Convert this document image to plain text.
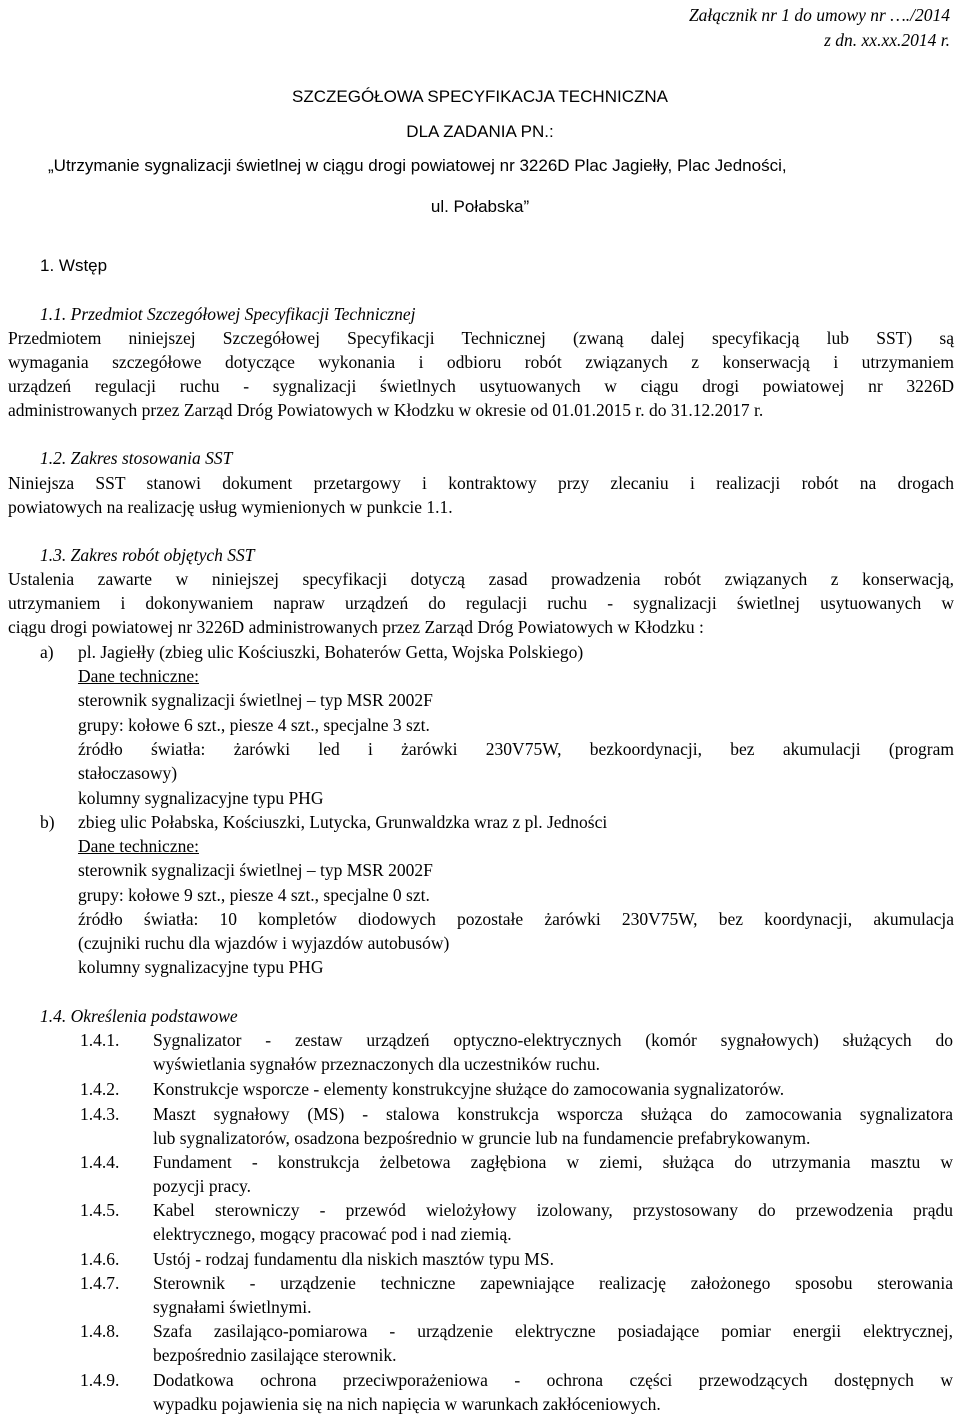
Załącznik nr 1 do umowy nr …./2014
z dn. xx.xx.2014 r.
SZCZEGÓŁOWA SPECYFIKACJA TECHNICZNA
DLA ZADANIA PN.:
„Utrzymanie sygnalizacji świetlnej w ciągu drogi powiatowej nr 3226D Plac Jagiełły, Plac Jedności,
ul. Połabska”
1. Wstęp
1.1. Przedmiot Szczegółowej Specyfikacji Technicznej
Przedmiotem niniejszej Szczegółowej Specyfikacji Technicznej (zwaną dalej specyfikacją lub SST) są
wymagania szczegółowe dotyczące wykonania i odbioru robót związanych z konserwacją i utrzymaniem
urządzeń regulacji ruchu - sygnalizacji świetlnych usytuowanych w ciągu drogi powiatowej nr 3226D
administrowanych przez Zarząd Dróg Powiatowych w Kłodzku w okresie od 01.01.2015 r. do 31.12.2017 r.
1.2. Zakres stosowania SST
Niniejsza SST stanowi dokument przetargowy i kontraktowy przy zlecaniu i realizacji robót na drogach
powiatowych na realizację usług wymienionych w punkcie 1.1.
1.3. Zakres robót objętych SST
Ustalenia zawarte w niniejszej specyfikacji dotyczą zasad prowadzenia robót związanych z konserwacją,
utrzymaniem i dokonywaniem napraw urządzeń do regulacji ruchu - sygnalizacji świetlnej usytuowanych w
ciągu drogi powiatowej nr 3226D administrowanych przez Zarząd Dróg Powiatowych w Kłodzku :
a) pl. Jagiełły (zbieg ulic Kościuszki, Bohaterów Getta, Wojska Polskiego)
Dane techniczne:
sterownik sygnalizacji świetlnej – typ MSR 2002F
grupy: kołowe 6 szt., piesze 4 szt., specjalne 3 szt.
źródło światła: żarówki led i żarówki 230V75W, bezkoordynacji, bez akumulacji (program
stałoczasowy)
kolumny sygnalizacyjne typu PHG
b) zbieg ulic Połabska, Kościuszki, Lutycka, Grunwaldzka wraz z pl. Jedności
Dane techniczne:
sterownik sygnalizacji świetlnej – typ MSR 2002F
grupy: kołowe 9 szt., piesze 4 szt., specjalne 0 szt.
źródło światła: 10 kompletów diodowych pozostałe żarówki 230V75W, bez koordynacji, akumulacja
(czujniki ruchu dla wjazdów i wyjazdów autobusów)
kolumny sygnalizacyjne typu PHG
1.4. Określenia podstawowe
1.4.1. Sygnalizator - zestaw urządzeń optyczno-elektrycznych (komór sygnałowych) służących do
wyświetlania sygnałów przeznaczonych dla uczestników ruchu.
1.4.2. Konstrukcje wsporcze - elementy konstrukcyjne służące do zamocowania sygnalizatorów.
1.4.3. Maszt sygnałowy (MS) - stalowa konstrukcja wsporcza służąca do zamocowania sygnalizatora
lub sygnalizatorów, osadzona bezpośrednio w gruncie lub na fundamencie prefabrykowanym.
1.4.4. Fundament - konstrukcja żelbetowa zagłębiona w ziemi, służąca do utrzymania masztu w
pozycji pracy.
1.4.5. Kabel sterowniczy - przewód wielożyłowy izolowany, przystosowany do przewodzenia prądu
elektrycznego, mogący pracować pod i nad ziemią.
1.4.6. Ustój - rodzaj fundamentu dla niskich masztów typu MS.
1.4.7. Sterownik - urządzenie techniczne zapewniające realizację założonego sposobu sterowania
sygnałami świetlnymi.
1.4.8. Szafa zasilająco-pomiarowa - urządzenie elektryczne posiadające pomiar energii elektrycznej,
bezpośrednio zasilające sterownik.
1.4.9. Dodatkowa ochrona przeciwporażeniowa - ochrona części przewodzących dostępnych w
wypadku pojawienia się na nich napięcia w warunkach zakłóceniowych.
